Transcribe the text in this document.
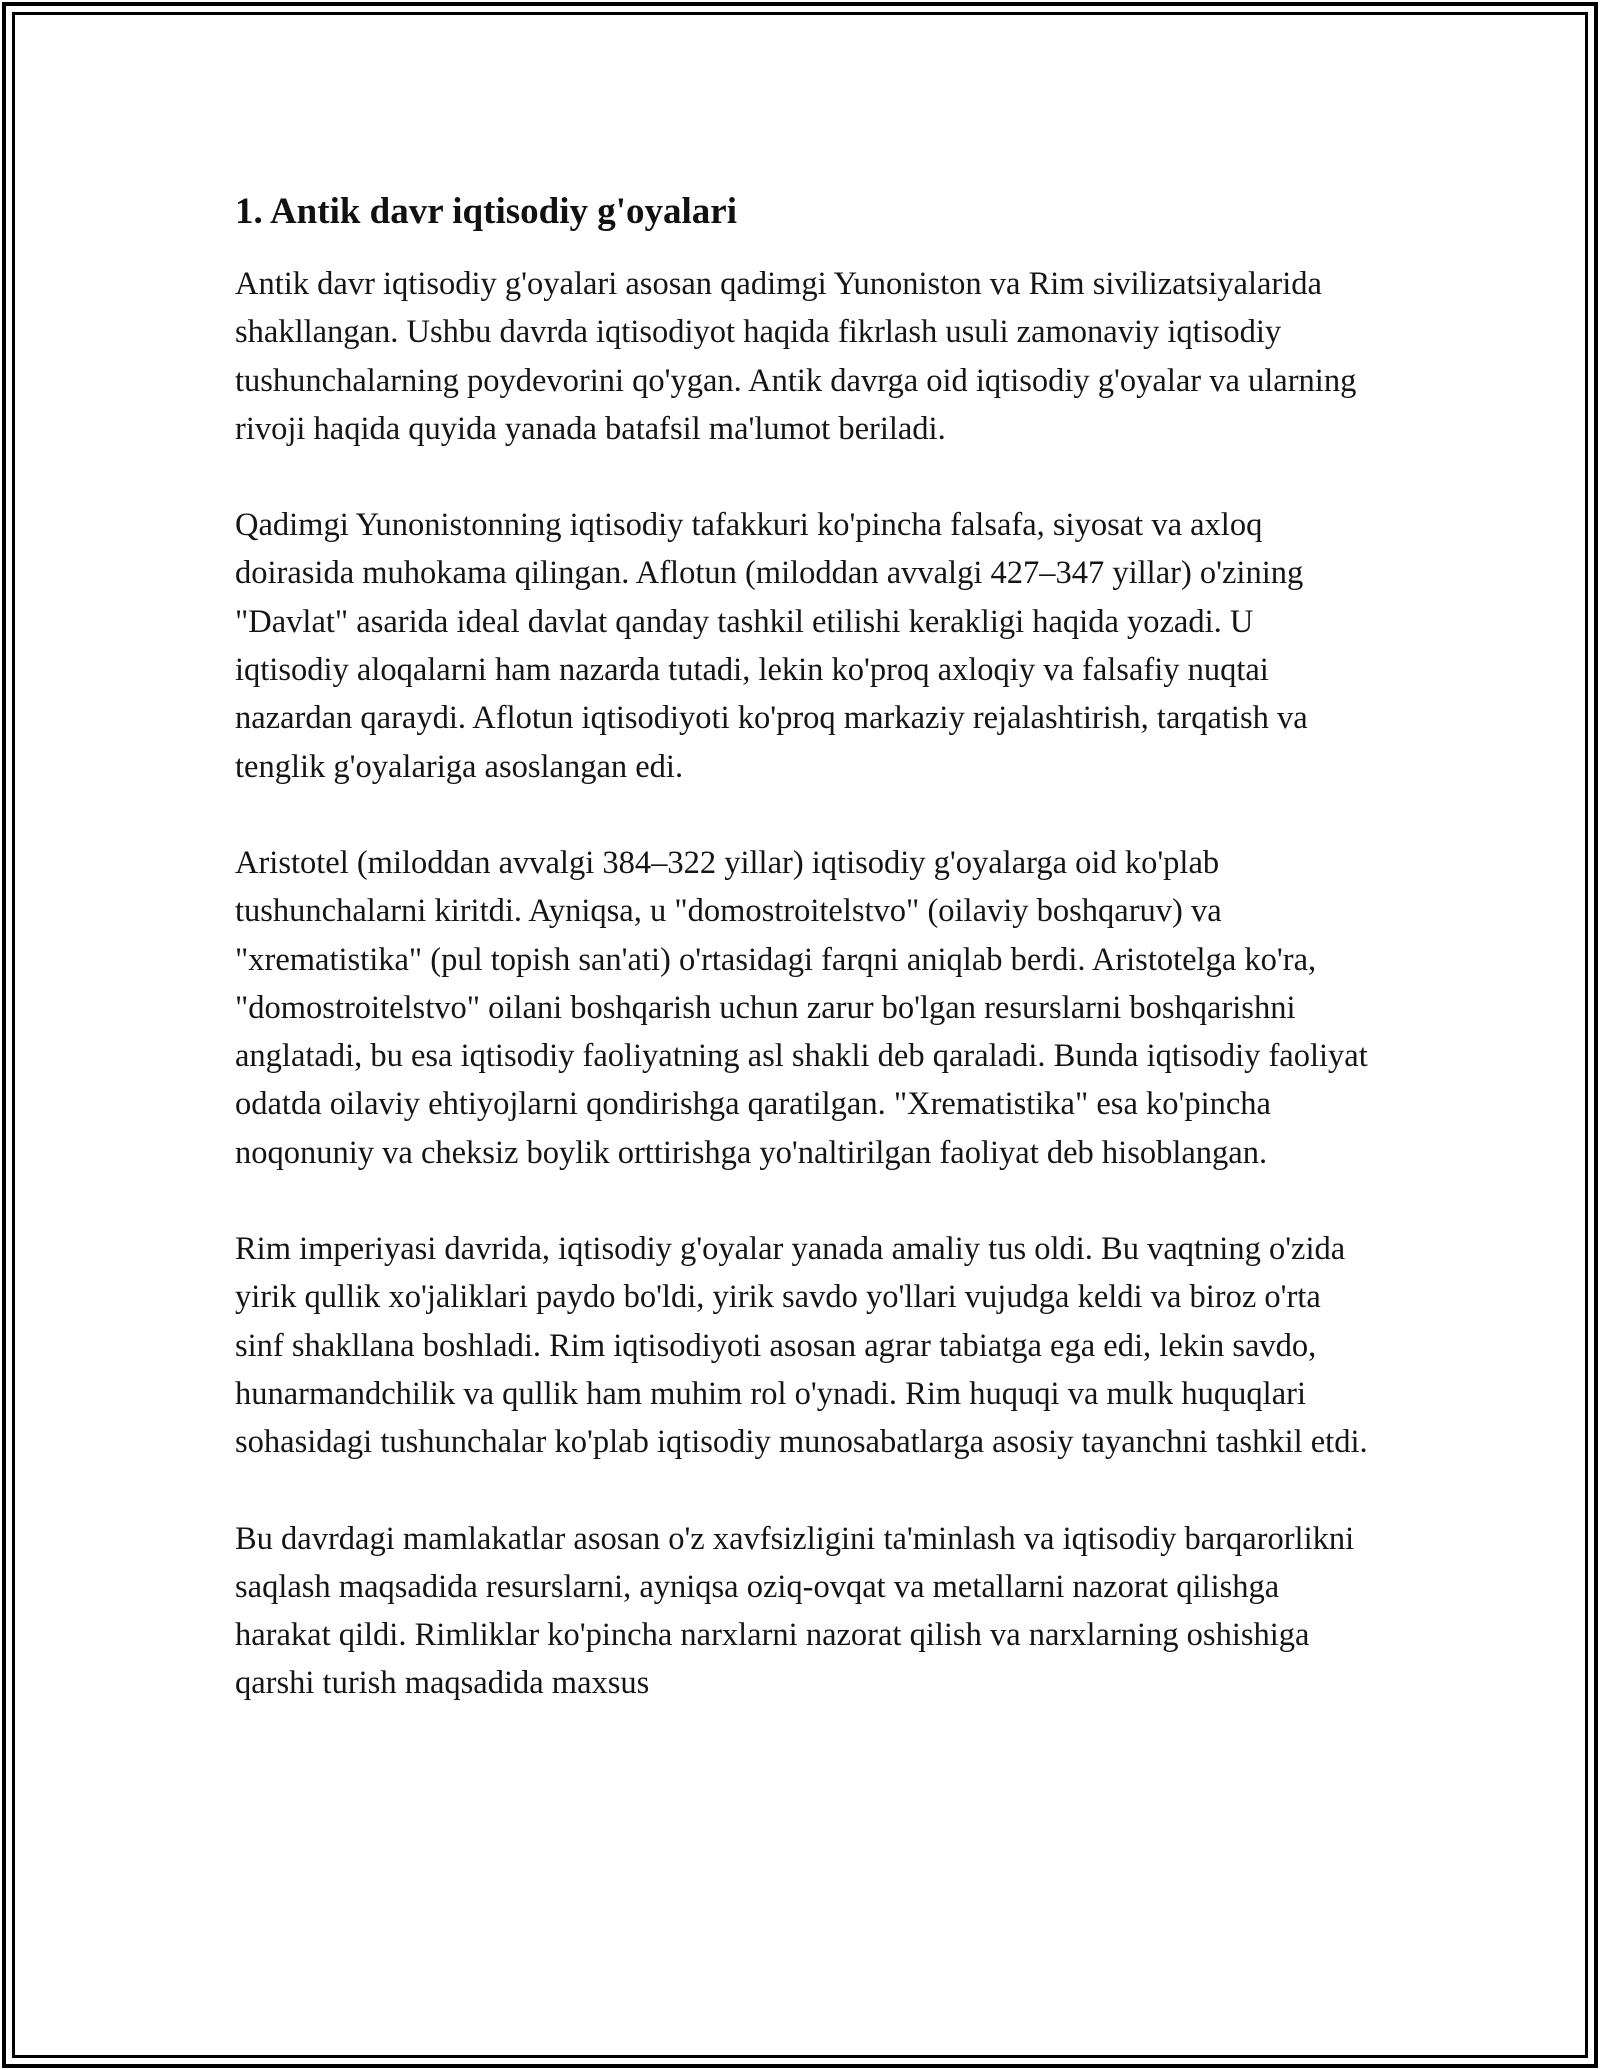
1. Antik davr iqtisodiy g'oyalari

Antik davr iqtisodiy g'oyalari asosan qadimgi Yunoniston va Rim sivilizatsiyalarida shakllangan. Ushbu davrda iqtisodiyot haqida fikrlash usuli zamonaviy iqtisodiy tushunchalarning poydevorini qo'ygan. Antik davrga oid iqtisodiy g'oyalar va ularning rivoji haqida quyida yanada batafsil ma'lumot beriladi.

Qadimgi Yunonistonning iqtisodiy tafakkuri ko'pincha falsafa, siyosat va axloq doirasida muhokama qilingan. Aflotun (miloddan avvalgi 427–347 yillar) o'zining "Davlat" asarida ideal davlat qanday tashkil etilishi kerakligi haqida yozadi. U iqtisodiy aloqalarni ham nazarda tutadi, lekin ko'proq axloqiy va falsafiy nuqtai nazardan qaraydi. Aflotun iqtisodiyoti ko'proq markaziy rejalashtirish, tarqatish va tenglik g'oyalariga asoslangan edi.

Aristotel (miloddan avvalgi 384–322 yillar) iqtisodiy g'oyalarga oid ko'plab tushunchalarni kiritdi. Ayniqsa, u "domostroitelstvo" (oilaviy boshqaruv) va "xrematistika" (pul topish san'ati) o'rtasidagi farqni aniqlab berdi. Aristotelga ko'ra, "domostroitelstvo" oilani boshqarish uchun zarur bo'lgan resurslarni boshqarishni anglatadi, bu esa iqtisodiy faoliyatning asl shakli deb qaraladi. Bunda iqtisodiy faoliyat odatda oilaviy ehtiyojlarni qondirishga qaratilgan. "Xrematistika" esa ko'pincha noqonuniy va cheksiz boylik orttirishga yo'naltirilgan faoliyat deb hisoblangan.

Rim imperiyasi davrida, iqtisodiy g'oyalar yanada amaliy tus oldi. Bu vaqtning o'zida yirik qullik xo'jaliklari paydo bo'ldi, yirik savdo yo'llari vujudga keldi va biroz o'rta sinf shakllana boshladi. Rim iqtisodiyoti asosan agrar tabiatga ega edi, lekin savdo, hunarmandchilik va qullik ham muhim rol o'ynadi. Rim huquqi va mulk huquqlari sohasidagi tushunchalar ko'plab iqtisodiy munosabatlarga asosiy tayanchni tashkil etdi.

Bu davrdagi mamlakatlar asosan o'z xavfsizligini ta'minlash va iqtisodiy barqarorlikni saqlash maqsadida resurslarni, ayniqsa oziq-ovqat va metallarni nazorat qilishga harakat qildi. Rimliklar ko'pincha narxlarni nazorat qilish va narxlarning oshishiga qarshi turish maqsadida maxsus
